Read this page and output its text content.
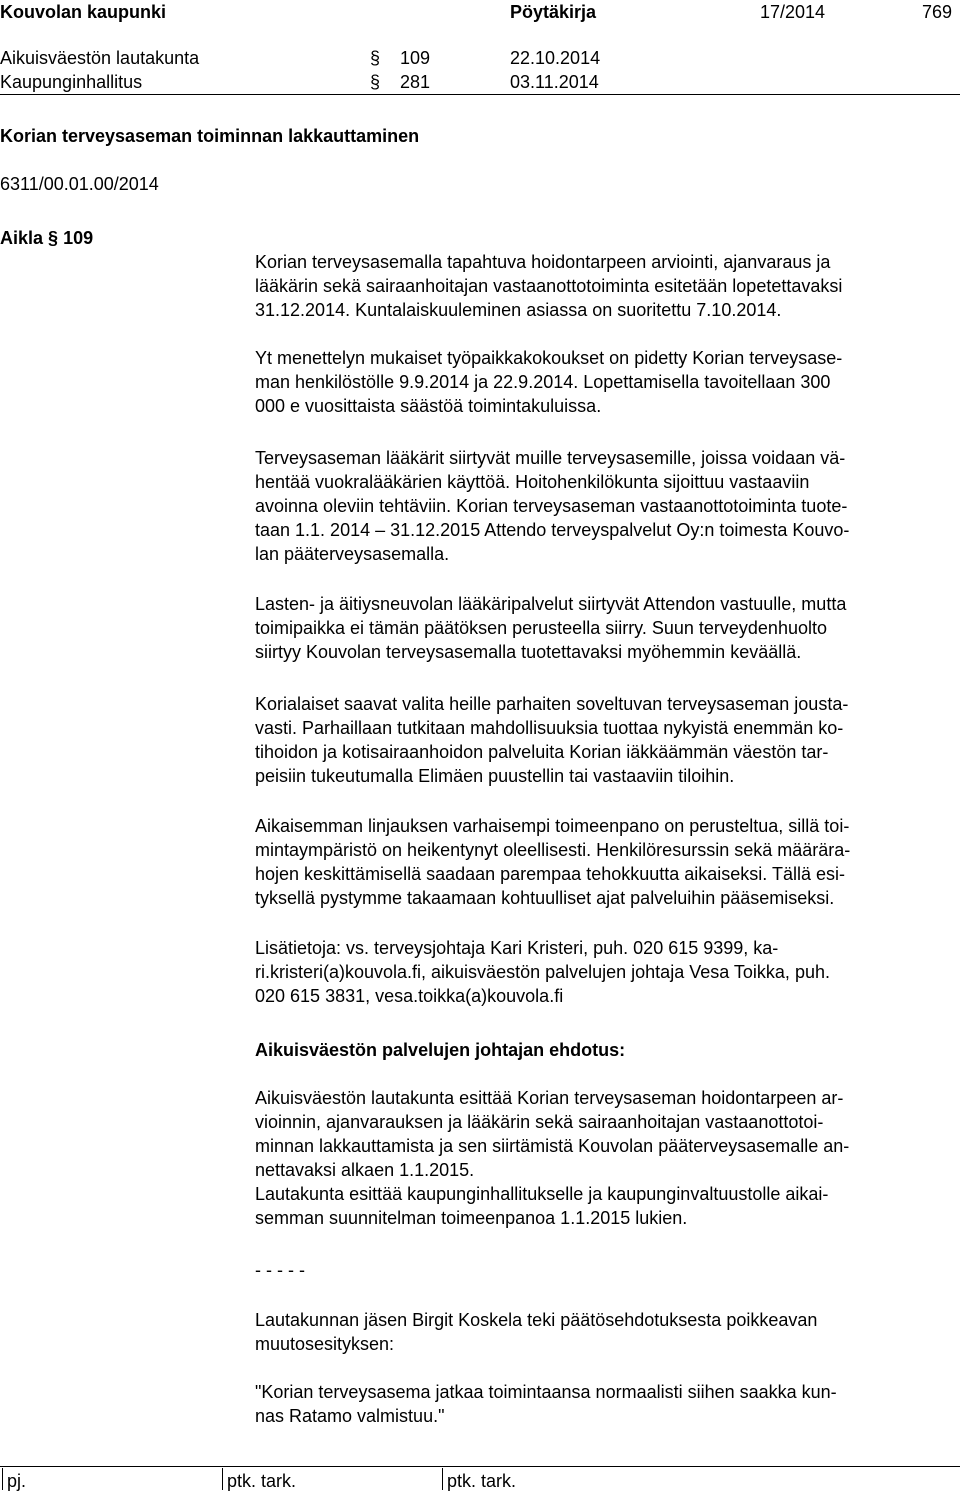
Kouvolan kaupunki	Pöytäkirja	17/2014	769
Aikuisväestön lautakunta	§ 109	22.10.2014
Kaupunginhallitus	§ 281	03.11.2014
Korian terveysaseman toiminnan lakkauttaminen
6311/00.01.00/2014
Aikla § 109
Korian terveysasemalla tapahtuva hoidontarpeen arviointi, ajanvaraus ja
lääkärin sekä sairaanhoitajan vastaanottotoiminta esitetään lopetettavaksi
31.12.2014. Kuntalaiskuuleminen asiassa on suoritettu 7.10.2014.
Yt menettelyn mukaiset työpaikkakokoukset on pidetty Korian terveysase-
man henkilöstölle 9.9.2014 ja 22.9.2014. Lopettamisella tavoitellaan 300
000 e vuosittaista säästöä toimintakuluissa.
Terveysaseman lääkärit siirtyvät muille terveysasemille, joissa voidaan vä-
hentää vuokralääkärien käyttöä. Hoitohenkilökunta sijoittuu vastaaviin
avoinna oleviin tehtäviin. Korian terveysaseman vastaanottotoiminta tuote-
taan 1.1. 2014 – 31.12.2015 Attendo terveyspalvelut Oy:n toimesta Kouvo-
lan pääterveysasemalla.
Lasten- ja äitiysneuvolan lääkäripalvelut siirtyvät Attendon vastuulle, mutta
toimipaikka ei tämän päätöksen perusteella siirry. Suun terveydenhuolto
siirtyy Kouvolan terveysasemalla tuotettavaksi myöhemmin keväällä.
Korialaiset saavat valita heille parhaiten soveltuvan terveysaseman jousta-
vasti. Parhaillaan tutkitaan mahdollisuuksia tuottaa nykyistä enemmän ko-
tihoidon ja kotisairaanhoidon palveluita Korian iäkkäämmän väestön tar-
peisiin tukeutumalla Elimäen puustellin tai vastaaviin tiloihin.
Aikaisemman linjauksen varhaisempi toimeenpano on perusteltua, sillä toi-
mintaympäristö on heikentynyt oleellisesti. Henkilöresurssin sekä määrära-
hojen keskittämisellä saadaan parempaa tehokkuutta aikaiseksi. Tällä esi-
tyksellä pystymme takaamaan kohtuulliset ajat palveluihin pääsemiseksi.
Lisätietoja: vs. terveysjohtaja Kari Kristeri, puh. 020 615 9399, ka-
ri.kristeri(a)kouvola.fi, aikuisväestön palvelujen johtaja Vesa Toikka, puh.
020 615 3831, vesa.toikka(a)kouvola.fi
Aikuisväestön palvelujen johtajan ehdotus:
Aikuisväestön lautakunta esittää Korian terveysaseman hoidontarpeen ar-
vioinnin, ajanvarauksen ja lääkärin sekä sairaanhoitajan vastaanottotoi-
minnan lakkauttamista ja sen siirtämistä Kouvolan pääterveysasemalle an-
nettavaksi alkaen 1.1.2015.
Lautakunta esittää kaupunginhallitukselle ja kaupunginvaltuustolle aikai-
semman suunnitelman toimeenpanoa 1.1.2015 lukien.
- - - - -
Lautakunnan jäsen Birgit Koskela teki päätösehdotuksesta poikkeavan
muutosesityksen:
"Korian terveysasema jatkaa toimintaansa normaalisti siihen saakka kun-
nas Ratamo valmistuu."
pj.	ptk. tark.	ptk. tark.
